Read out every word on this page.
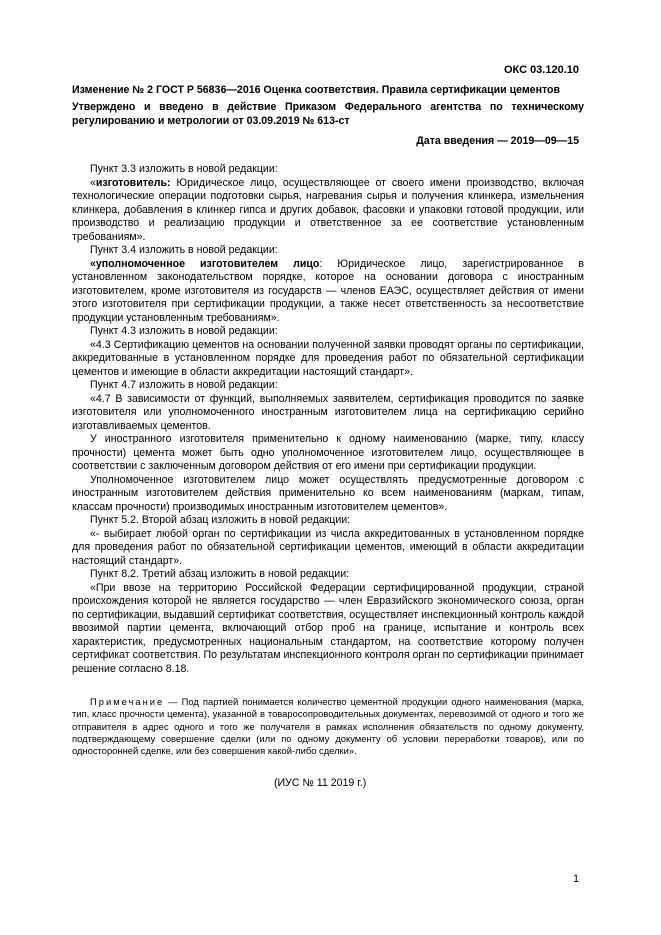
ОКС 03.120.10
Изменение № 2 ГОСТ Р 56836—2016 Оценка соответствия. Правила сертификации цементов
Утверждено и введено в действие Приказом Федерального агентства по техническому регулированию и метрологии от 03.09.2019 № 613-ст
Дата введения — 2019—09—15

Пункт 3.3 изложить в новой редакции:

«изготовитель: Юридическое лицо, осуществляющее от своего имени производство, включая технологические операции подготовки сырья, нагревания сырья и получения клинкера, измельчения клинкера, добавления в клинкер гипса и других добавок, фасовки и упаковки готовой продукции, или производство и реализацию продукции и ответственное за ее соответствие установленным требованиям».

Пункт 3.4 изложить в новой редакции:

«уполномоченное изготовителем лицо: Юридическое лицо, зарегистрированное в установленном законодательством порядке, которое на основании договора с иностранным изготовителем, кроме изготовителя из государств — членов ЕАЭС, осуществляет действия от имени этого изготовителя при сертификации продукции, а также несет ответственность за несоответствие продукции установленным требованиям».

Пункт 4.3 изложить в новой редакции:

«4.3 Сертификацию цементов на основании полученной заявки проводят органы по сертификации, аккредитованные в установленном порядке для проведения работ по обязательной сертификации цементов и имеющие в области аккредитации настоящий стандарт».

Пункт 4.7 изложить в новой редакции:

«4.7 В зависимости от функций, выполняемых заявителем, сертификация проводится по заявке изготовителя или уполномоченного иностранным изготовителем лица на сертификацию серийно изготавливаемых цементов.

У иностранного изготовителя применительно к одному наименованию (марке, типу, классу прочности) цемента может быть одно уполномоченное изготовителем лицо, осуществляющее в соответствии с заключенным договором действия от его имени при сертификации продукции.

Уполномоченное изготовителем лицо может осуществлять предусмотренные договором с иностранным изготовителем действия применительно ко всем наименованиям (маркам, типам, классам прочности) производимых иностранным изготовителем цементов».

Пункт 5.2. Второй абзац изложить в новой редакции:

«- выбирает любой орган по сертификации из числа аккредитованных в установленном порядке для проведения работ по обязательной сертификации цементов, имеющий в области аккредитации настоящий стандарт».

Пункт 8.2. Третий абзац изложить в новой редакции:

«При ввозе на территорию Российской Федерации сертифицированной продукции, страной происхождения которой не является государство — член Евразийского экономического союза, орган по сертификации, выдавший сертификат соответствия, осуществляет инспекционный контроль каждой ввозимой партии цемента, включающий отбор проб на границе, испытание и контроль всех характеристик, предусмотренных национальным стандартом, на соответствие которому получен сертификат соответствия. По результатам инспекционного контроля орган по сертификации принимает решение согласно 8.18.

Примечание — Под партией понимается количество цементной продукции одного наименования (марка, тип, класс прочности цемента), указанной в товаросопроводительных документах, перевозимой от одного и того же отправителя в адрес одного и того же получателя в рамках исполнения обязательств по одному документу, подтверждающему совершение сделки (или по одному документу об условии переработки товаров), или по односторонней сделке, или без совершения какой-либо сделки».

(ИУС № 11 2019 г.)
1
